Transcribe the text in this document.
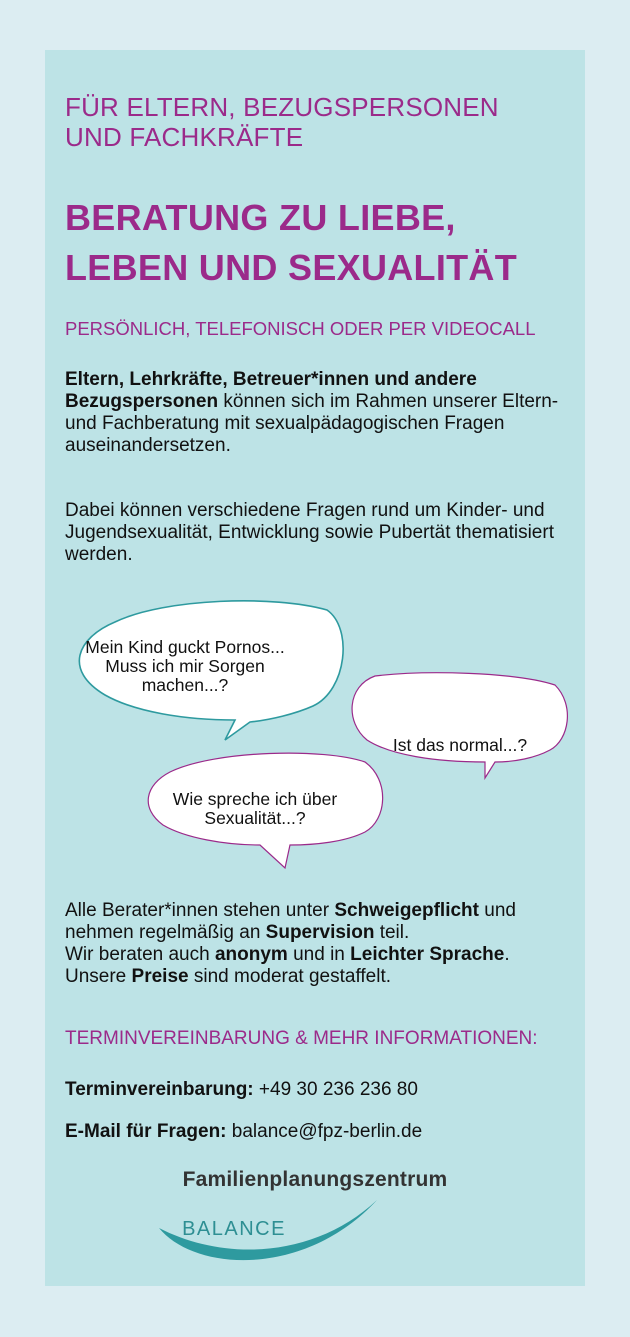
FÜR ELTERN, BEZUGSPERSONEN
UND FACHKRÄFTE
BERATUNG ZU LIEBE,
LEBEN UND SEXUALITÄT
PERSÖNLICH, TELEFONISCH ODER PER VIDEOCALL

Eltern, Lehrkräfte, Betreuer*innen und andere Bezugspersonen können sich im Rahmen unserer Eltern- und Fachberatung mit sexualpädagogischen Fragen auseinandersetzen.

Dabei können verschiedene Fragen rund um Kinder- und Jugendsexualität, Entwicklung sowie Pubertät thematisiert werden.

Mein Kind guckt Pornos...
Muss ich mir Sorgen
machen...?
Ist das normal...?
Wie spreche ich über
Sexualität...?

Alle Berater*innen stehen unter Schweigepflicht und nehmen regelmäßig an Supervision teil.
Wir beraten auch anonym und in Leichter Sprache.
Unsere Preise sind moderat gestaffelt.

TERMINVEREINBARUNG & MEHR INFORMATIONEN:
Terminvereinbarung: +49 30 236 236 80
E-Mail für Fragen: balance@fpz-berlin.de
Familienplanungszentrum
BALANCE
